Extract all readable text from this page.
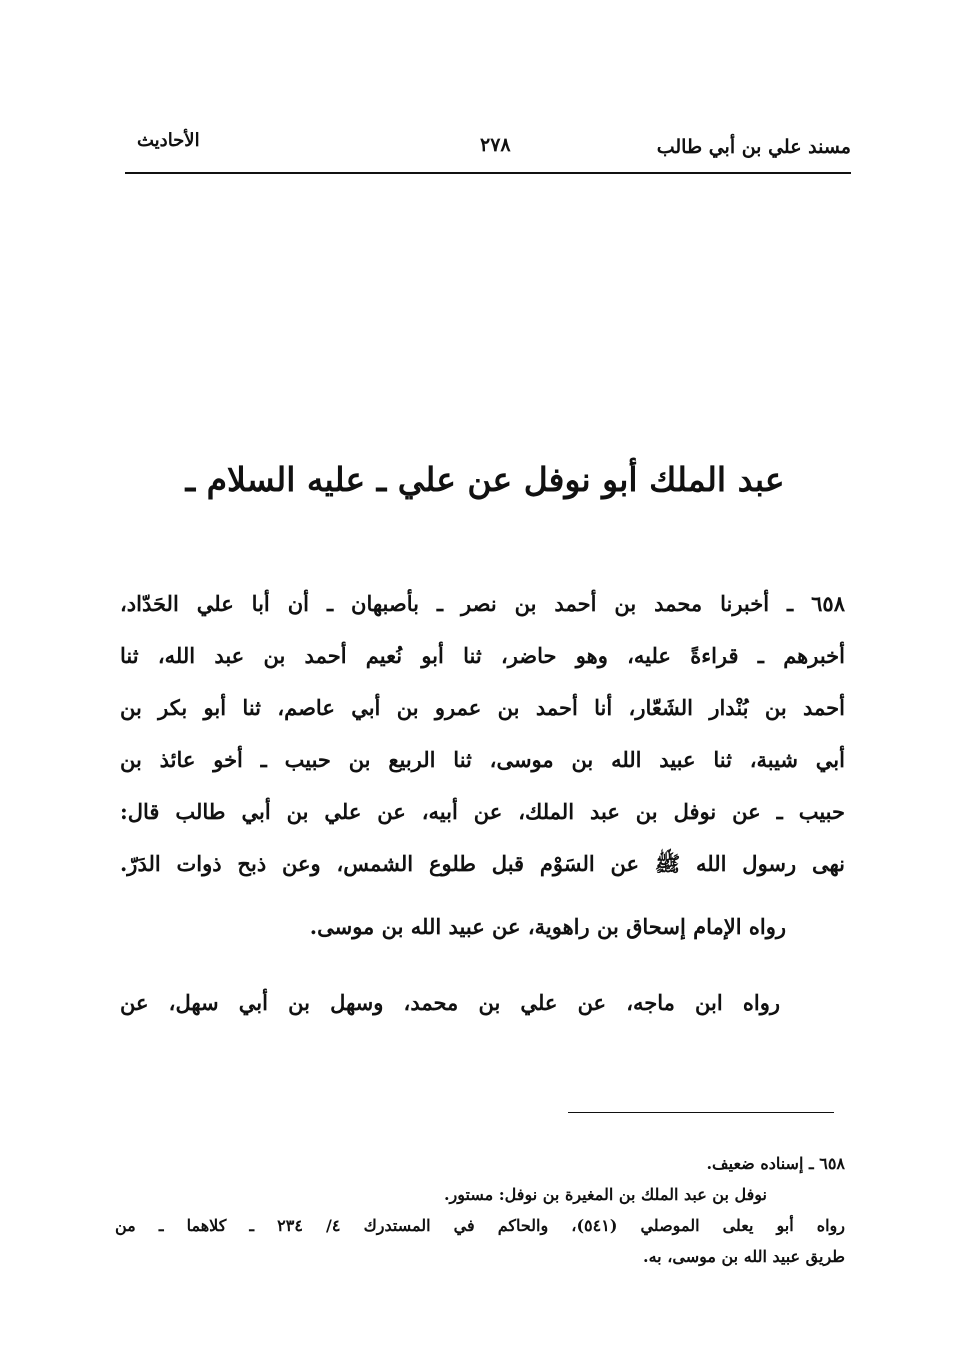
مسند علي بن أبي طالب
٢٧٨
الأحاديث
عبد الملك أبو نوفل عن علي ـ عليه السلام ـ
٦٥٨ ـ أخبرنا محمد بن أحمد بن نصر ـ بأصبهان ـ أن أبا علي الحَدّاد،
أخبرهم ـ قراءةً عليه، وهو حاضر، ثنا أبو نُعيم أحمد بن عبد الله، ثنا
أحمد بن بُنْدار الشَعّار، أنا أحمد بن عمرو بن أبي عاصم، ثنا أبو بكر بن
أبي شيبة، ثنا عبيد الله بن موسى، ثنا الربيع بن حبيب ـ أخو عائذ بن
حبيب ـ عن نوفل بن عبد الملك، عن أبيه، عن علي بن أبي طالب قال:
نهى رسول الله ﷺ عن السَوْم قبل طلوع الشمس، وعن ذبح ذوات الدَرّ.
رواه الإمام إسحاق بن راهوية، عن عبيد الله بن موسى.
رواه ابن ماجه، عن علي بن محمد، وسهل بن أبي سهل، عن
٦٥٨ ـ إسناده ضعيف.
نوفل بن عبد الملك بن المغيرة بن نوفل: مستور.
رواه أبو يعلى الموصلي (٥٤١)، والحاكم في المستدرك ٤/ ٢٣٤ ـ كلاهما ـ من
طريق عبيد الله بن موسى، به.
